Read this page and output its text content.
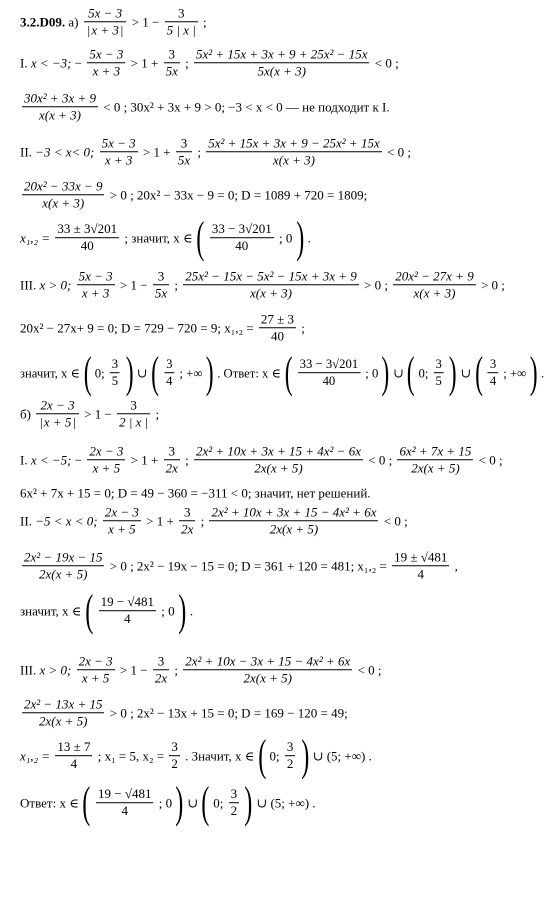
3.2.D09. а) 5x − 3
| x + 3 | > $1 - \frac{3}{5 | x |}$ ;
I. x < −3; − $\frac{5x - 3}{x + 3} > 1 + \frac{3}{5x}$ ; $\frac{\text{5x² + 15x + 3x + 9 + 25x² − 15x}}{5x(x + 3)} < 0$ ;
$\frac{\text{30x² + 3x + 9}}{x(x + 3)} < 0$ ; 30x² + 3x + 9 > 0; −3 < x < 0 — не подходит к I.
II. −3 < x< 0; $\frac{5x - 3}{x + 3} > 1 + \frac{3}{5x}$ ; $\frac{\text{5x² + 15x + 3x + 9 − 25x² + 15x}}{x(x + 3)} < 0$ ;
$\frac{\text{20x² − 33x − 9}}{x(x + 3)} > 0$ ; 20x² − 33x − 9 = 0; D = 1089 + 720 = 1809;
$x_1,_2 = \frac{33 \pm 3√201}{40}$ ; значит, x ∈ ( $\frac{33 - 3√201}{40}$ ; 0 ) .
III. x > 0; $\frac{5x - 3}{x + 3} > 1 - \frac{3}{5x}$ ; $\frac{\text{25x² − 15x − 5x² − 15x + 3x + 9}}{x(x + 3)} > 0$ ; $\frac{\text{20x² − 27x + 9}}{x(x + 3)} > 0$ ;
20x² − 27x+ 9 = 0; D = 729 − 720 = 9; $x_1,_2 = \frac{27 \pm 3}{40}$ ;
значит, x ∈ ( 0; $\frac{3}{5}$ ) ∪ ( $\frac{3}{4}$ ; +∞ ) . Ответ: x ∈ ( $\frac{33 - 3√201}{40}$ ; 0 ) ∪ ( 0; $\frac{3}{5}$ ) ∪ ( $\frac{3}{4}$ ; +∞ ) .
б) 2x − 3
| x + 5 | > $1 - \frac{3}{2 | x |}$ ;
I. x < −5; − $\frac{2x - 3}{x + 5} > 1 + \frac{3}{2x}$ ; $\frac{\text{2x² + 10x + 3x + 15 + 4x² − 6x}}{2x(x + 5)} < 0$ ; $\frac{\text{6x² + 7x + 15}}{2x(x + 5)} < 0$ ;
6x² + 7x + 15 = 0; D = 49 − 360 = −311 < 0; значит, нет решений.
II. −5 < x < 0; $\frac{2x - 3}{x + 5} > 1 + \frac{3}{2x}$ ; $\frac{\text{2x² + 10x + 3x + 15 − 4x² + 6x}}{2x(x + 5)} < 0$ ;
$\frac{\text{2x² − 19x − 15}}{2x(x + 5)} > 0$ ; 2x² − 19x − 15 = 0; D = 361 + 120 = 481; $x_1,_2 = \frac{19 \pm √481}{4}$ ,
значит, x ∈ ( $\frac{19 - √481}{4}$ ; 0 ) .
III. x > 0; $\frac{2x - 3}{x + 5} > 1 - \frac{3}{2x}$ ; $\frac{\text{2x² + 10x − 3x + 15 − 4x² + 6x}}{2x(x + 5)} < 0$ ;
$\frac{\text{2x² − 13x + 15}}{2x(x + 5)} > 0$ ; 2x² − 13x + 15 = 0; D = 169 − 120 = 49;
$x_1,_2 = \frac{13 \pm 7}{4}$ ; x₁ = 5, $x_2 = \frac{3}{2}$ . Значит, x ∈ ( 0; $\frac{3}{2}$ ) ∪ (5; +∞) .
Ответ: x ∈ ( $\frac{19 - √481}{4}$ ; 0 ) ∪ ( 0; $\frac{3}{2}$ ) ∪ (5; +∞) .
